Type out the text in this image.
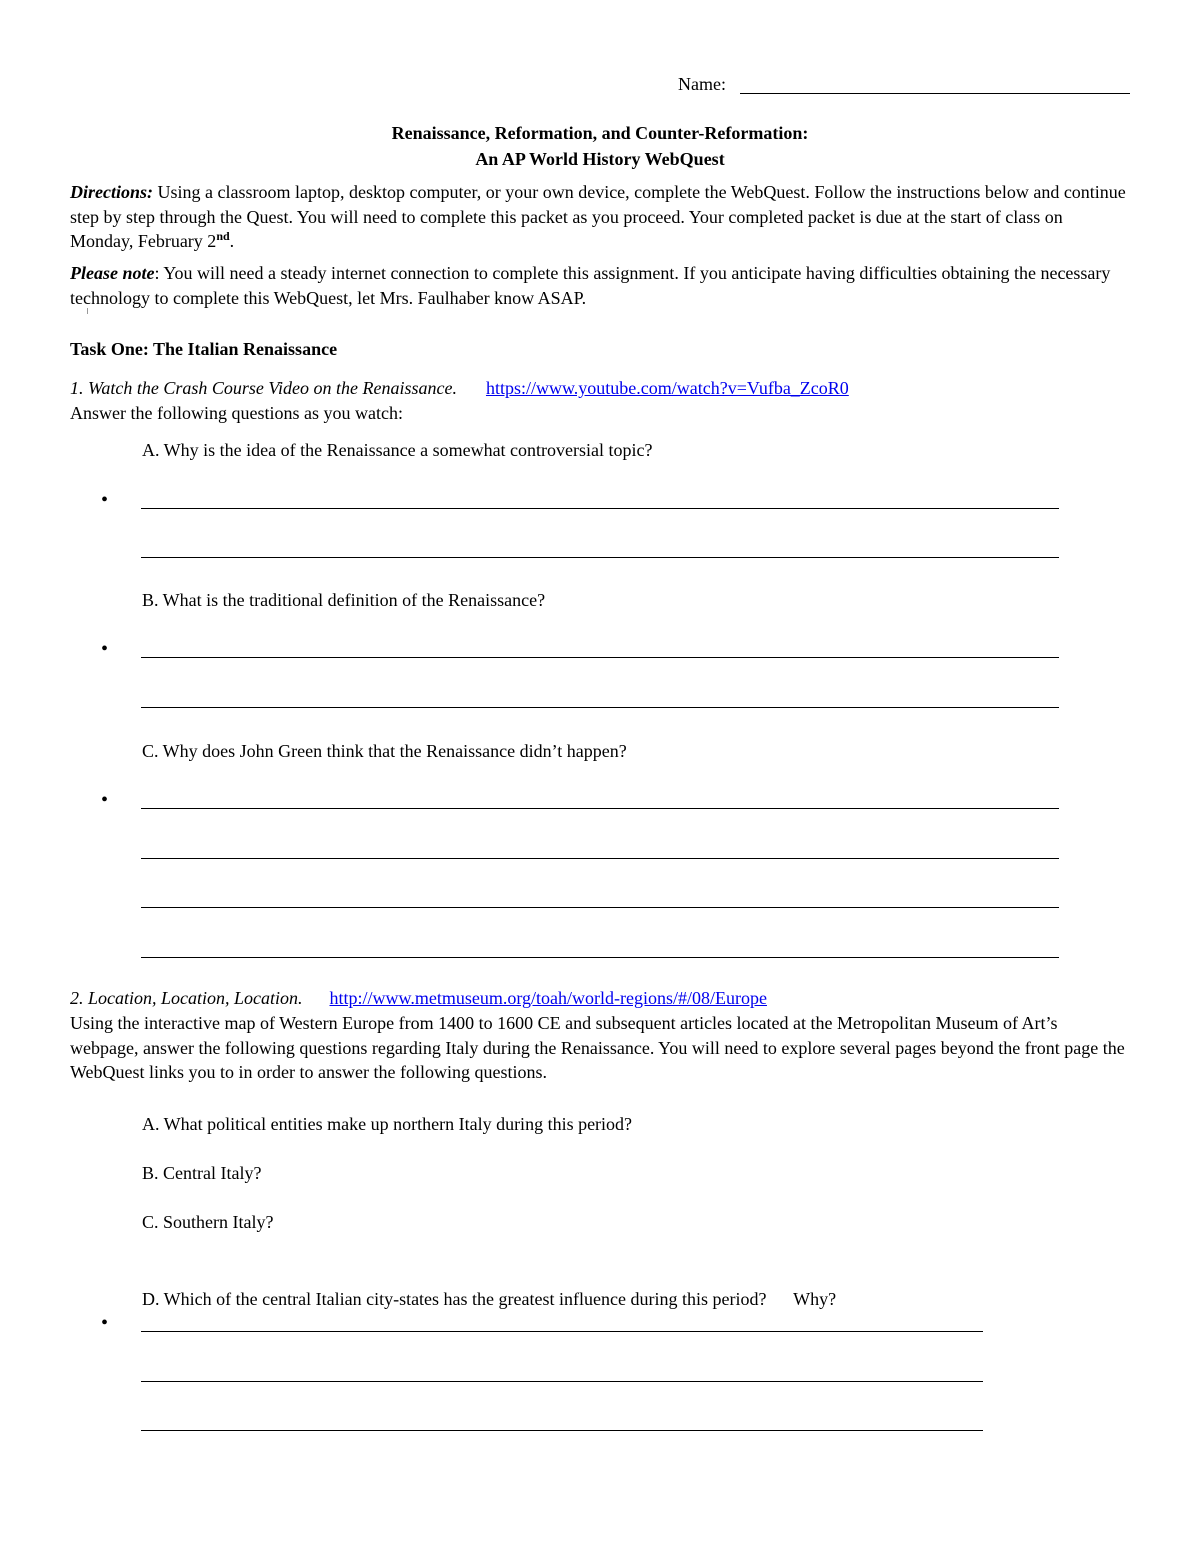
Name:
Renaissance, Reformation, and Counter-Reformation:
An AP World History WebQuest
Directions: Using a classroom laptop, desktop computer, or your own device, complete the WebQuest. Follow the instructions below and continue step by step through the Quest. You will need to complete this packet as you proceed. Your completed packet is due at the start of class on Monday, February 2nd.
Please note: You will need a steady internet connection to complete this assignment. If you anticipate having difficulties obtaining the necessary technology to complete this WebQuest, let Mrs. Faulhaber know ASAP.
Task One: The Italian Renaissance
1. Watch the Crash Course Video on the Renaissance. https://www.youtube.com/watch?v=Vufba_ZcoR0
Answer the following questions as you watch:
A. Why is the idea of the Renaissance a somewhat controversial topic?
•
B. What is the traditional definition of the Renaissance?
•
C. Why does John Green think that the Renaissance didn’t happen?
•
2. Location, Location, Location. http://www.metmuseum.org/toah/world-regions/#/08/Europe
Using the interactive map of Western Europe from 1400 to 1600 CE and subsequent articles located at the Metropolitan Museum of Art’s webpage, answer the following questions regarding Italy during the Renaissance. You will need to explore several pages beyond the front page the WebQuest links you to in order to answer the following questions.
A. What political entities make up northern Italy during this period?
B. Central Italy?
C. Southern Italy?
D. Which of the central Italian city-states has the greatest influence during this period?      Why?
•
